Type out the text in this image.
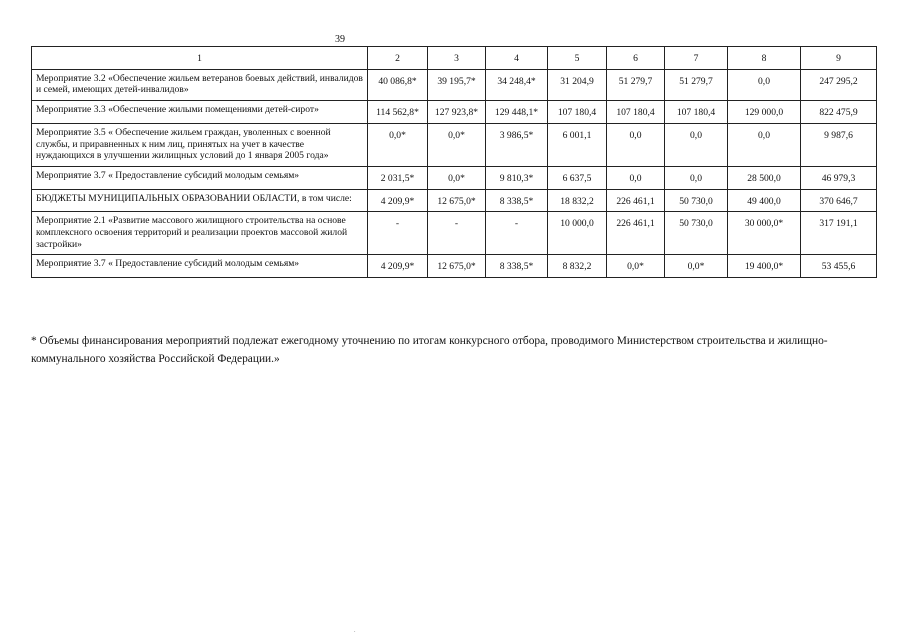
39
1	2	3	4	5	6	7	8	9
Мероприятие 3.2 «Обеспечение жильем ветеранов боевых действий, инвалидов и семей, имеющих детей-инвалидов»	40 086,8*	39 195,7*	34 248,4*	31 204,9	51 279,7	51 279,7	0,0	247 295,2
Мероприятие 3.3 «Обеспечение жилыми помещениями детей-сирот»	114 562,8*	127 923,8*	129 448,1*	107 180,4	107 180,4	107 180,4	129 000,0	822 475,9
Мероприятие 3.5 « Обеспечение жильем граждан, уволенных с военной службы, и приравненных к ним лиц, принятых на учет в качестве нуждающихся в улучшении жилищных условий до 1 января 2005 года»	0,0*	0,0*	3 986,5*	6 001,1	0,0	0,0	0,0	9 987,6
Мероприятие 3.7 « Предоставление субсидий молодым семьям»	2 031,5*	0,0*	9 810,3*	6 637,5	0,0	0,0	28 500,0	46 979,3
БЮДЖЕТЫ МУНИЦИПАЛЬНЫХ ОБРАЗОВАНИИ ОБЛАСТИ, в том числе:	4 209,9*	12 675,0*	8 338,5*	18 832,2	226 461,1	50 730,0	49 400,0	370 646,7
Мероприятие 2.1 «Развитие массового жилищного строительства на основе комплексного освоения территорий и реализации проектов массовой жилой застройки»	-	-	-	10 000,0	226 461,1	50 730,0	30 000,0*	317 191,1
Мероприятие 3.7 « Предоставление субсидий молодым семьям»	4 209,9*	12 675,0*	8 338,5*	8 832,2	0,0*	0,0*	19 400,0*	53 455,6
* Объемы финансирования мероприятий подлежат ежегодному уточнению по итогам конкурсного отбора, проводимого Министерством строительства и жилищно-коммунального хозяйства Российской Федерации.»
.
